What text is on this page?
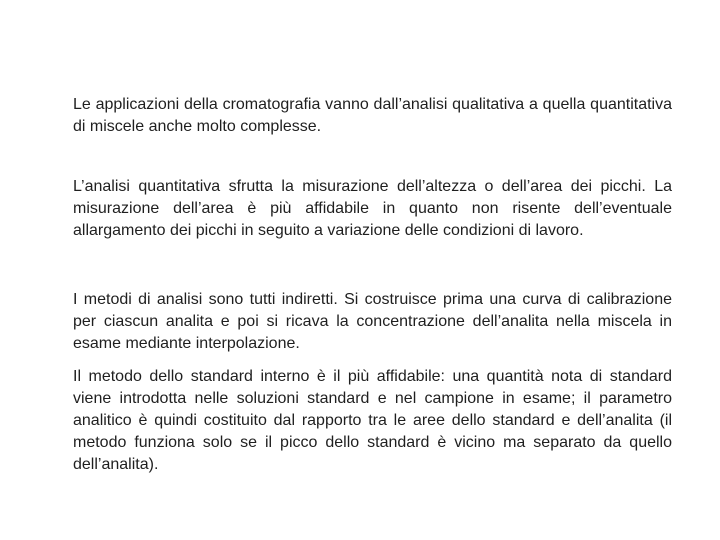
Le applicazioni della cromatografia vanno dall’analisi qualitativa a quella quantitativa di miscele anche molto complesse.

L’analisi quantitativa sfrutta la misurazione dell’altezza o dell’area dei picchi. La misurazione dell’area è più affidabile in quanto non risente dell’eventuale allargamento dei picchi in seguito a variazione delle condizioni di lavoro.

I metodi di analisi sono tutti indiretti. Si costruisce prima una curva di calibrazione per ciascun analita e poi si ricava la concentrazione dell’analita nella miscela in esame mediante interpolazione.

Il metodo dello standard interno è il più affidabile: una quantità nota di standard viene introdotta nelle soluzioni standard e nel campione in esame; il parametro analitico è quindi costituito dal rapporto tra le aree dello standard e dell’analita (il metodo funziona solo se il picco dello standard è vicino ma separato da quello dell’analita).
